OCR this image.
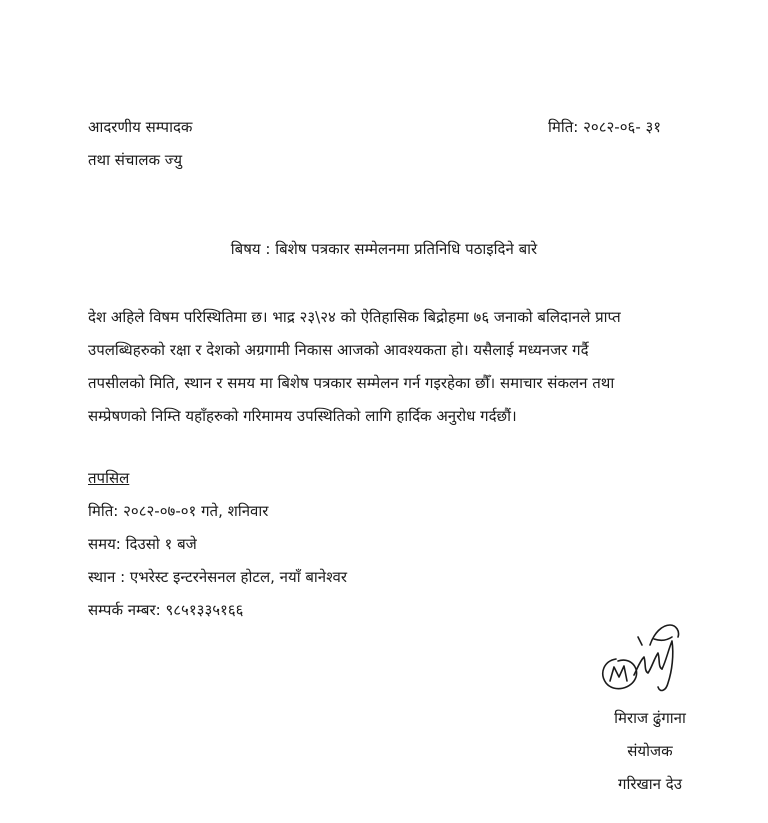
आदरणीय सम्पादक
तथा संचालक ज्यु
मिति: २०८२-०६- ३१
बिषय : बिशेष पत्रकार सम्मेलनमा प्रतिनिधि पठाइदिने बारे
देश अहिले विषम परिस्थितिमा छ। भाद्र २३\२४ को ऐतिहासिक बिद्रोहमा ७६ जनाको बलिदानले प्राप्त
उपलब्धिहरुको रक्षा र देशको अग्रगामी निकास आजको आवश्यकता हो। यसैलाई मध्यनजर गर्दै
तपसीलको मिति, स्थान र समय मा बिशेष पत्रकार सम्मेलन गर्न गइरहेका छौँ। समाचार संकलन तथा
सम्प्रेषणको निम्ति यहाँहरुको गरिमामय उपस्थितिको लागि हार्दिक अनुरोध गर्दछौं।
तपसिल
मिति: २०८२-०७-०१ गते, शनिवार
समय: दिउसो १ बजे
स्थान : एभरेस्ट इन्टरनेसनल होटल, नयाँ बानेश्वर
सम्पर्क नम्बर: ९८५१३३५१६६
मिराज ढुंगाना
संयोजक
गरिखान देउ
